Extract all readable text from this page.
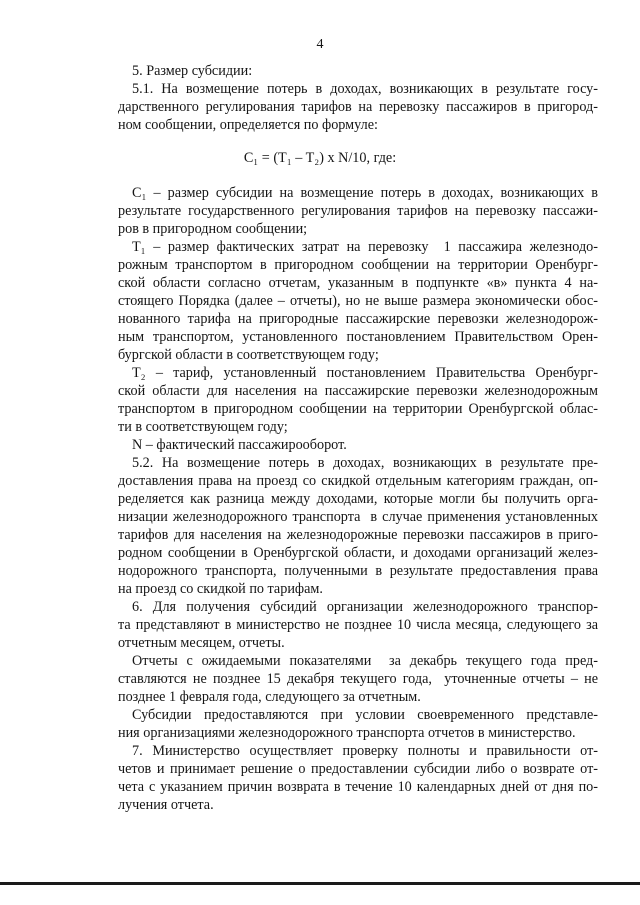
4
5. Размер субсидии:
5.1. На возмещение потерь в доходах, возникающих в результате госу-
дарственного регулирования тарифов на перевозку пассажиров в пригород-
ном сообщении, определяется по формуле:
C₁ = (T₁ – T₂) x N/10, где:
C₁ – размер субсидии на возмещение потерь в доходах, возникающих в
результате государственного регулирования тарифов на перевозку пассажи-
ров в пригородном сообщении;
T₁ – размер фактических затрат на перевозку  1 пассажира железнодо-
рожным транспортом в пригородном сообщении на территории Оренбург-
ской области согласно отчетам, указанным в подпункте «в» пункта 4 на-
стоящего Порядка (далее – отчеты), но не выше размера экономически обос-
нованного тарифа на пригородные пассажирские перевозки железнодорож-
ным транспортом, установленного постановлением Правительством Орен-
бургской области в соответствующем году;
T₂ – тариф, установленный постановлением Правительства Оренбург-
ской области для населения на пассажирские перевозки железнодорожным
транспортом в пригородном сообщении на территории Оренбургской облас-
ти в соответствующем году;
N – фактический пассажирооборот.
5.2. На возмещение потерь в доходах, возникающих в результате пре-
доставления права на проезд со скидкой отдельным категориям граждан, оп-
ределяется как разница между доходами, которые могли бы получить орга-
низации железнодорожного транспорта  в случае применения установленных
тарифов для населения на железнодорожные перевозки пассажиров в приго-
родном сообщении в Оренбургской области, и доходами организаций желез-
нодорожного транспорта, полученными в результате предоставления права
на проезд со скидкой по тарифам.
6. Для получения субсидий организации железнодорожного транспор-
та представляют в министерство не позднее 10 числа месяца, следующего за
отчетным месяцем, отчеты.
Отчеты с ожидаемыми показателями  за декабрь текущего года пред-
ставляются не позднее 15 декабря текущего года,  уточненные отчеты – не
позднее 1 февраля года, следующего за отчетным.
Субсидии предоставляются при условии своевременного представле-
ния организациями железнодорожного транспорта отчетов в министерство.
7. Министерство осуществляет проверку полноты и правильности от-
четов и принимает решение о предоставлении субсидии либо о возврате от-
чета с указанием причин возврата в течение 10 календарных дней от дня по-
лучения отчета.
